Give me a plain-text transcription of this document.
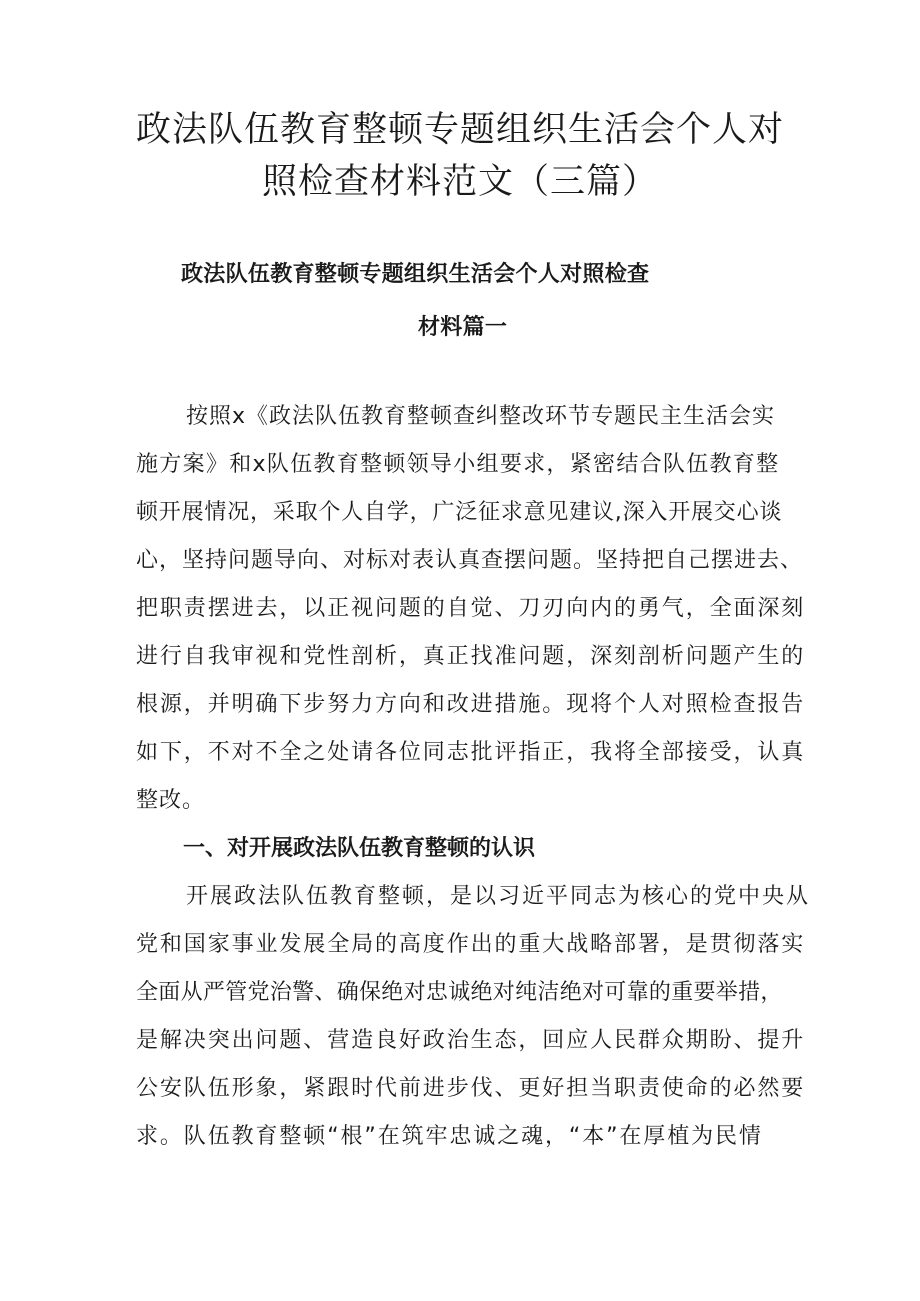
政法队伍教育整顿专题组织生活会个人对
照检查材料范文（三篇）
政法队伍教育整顿专题组织生活会个人对照检查
材料篇一
按照x《政法队伍教育整顿查纠整改环节专题民主生活会实
施方案》和x队伍教育整顿领导小组要求，紧密结合队伍教育整
顿开展情况，采取个人自学，广泛征求意见建议,深入开展交心谈
心，坚持问题导向、对标对表认真查摆问题。坚持把自己摆进去、
把职责摆进去，以正视问题的自觉、刀刃向内的勇气，全面深刻
进行自我审视和党性剖析，真正找准问题，深刻剖析问题产生的
根源，并明确下步努力方向和改进措施。现将个人对照检查报告
如下，不对不全之处请各位同志批评指正，我将全部接受，认真
整改。
一、对开展政法队伍教育整顿的认识
开展政法队伍教育整顿，是以习近平同志为核心的党中央从
党和国家事业发展全局的高度作出的重大战略部署，是贯彻落实
全面从严管党治警、确保绝对忠诚绝对纯洁绝对可靠的重要举措，
是解决突出问题、营造良好政治生态，回应人民群众期盼、提升
公安队伍形象，紧跟时代前进步伐、更好担当职责使命的必然要
求。队伍教育整顿“根”在筑牢忠诚之魂，“本”在厚植为民情
